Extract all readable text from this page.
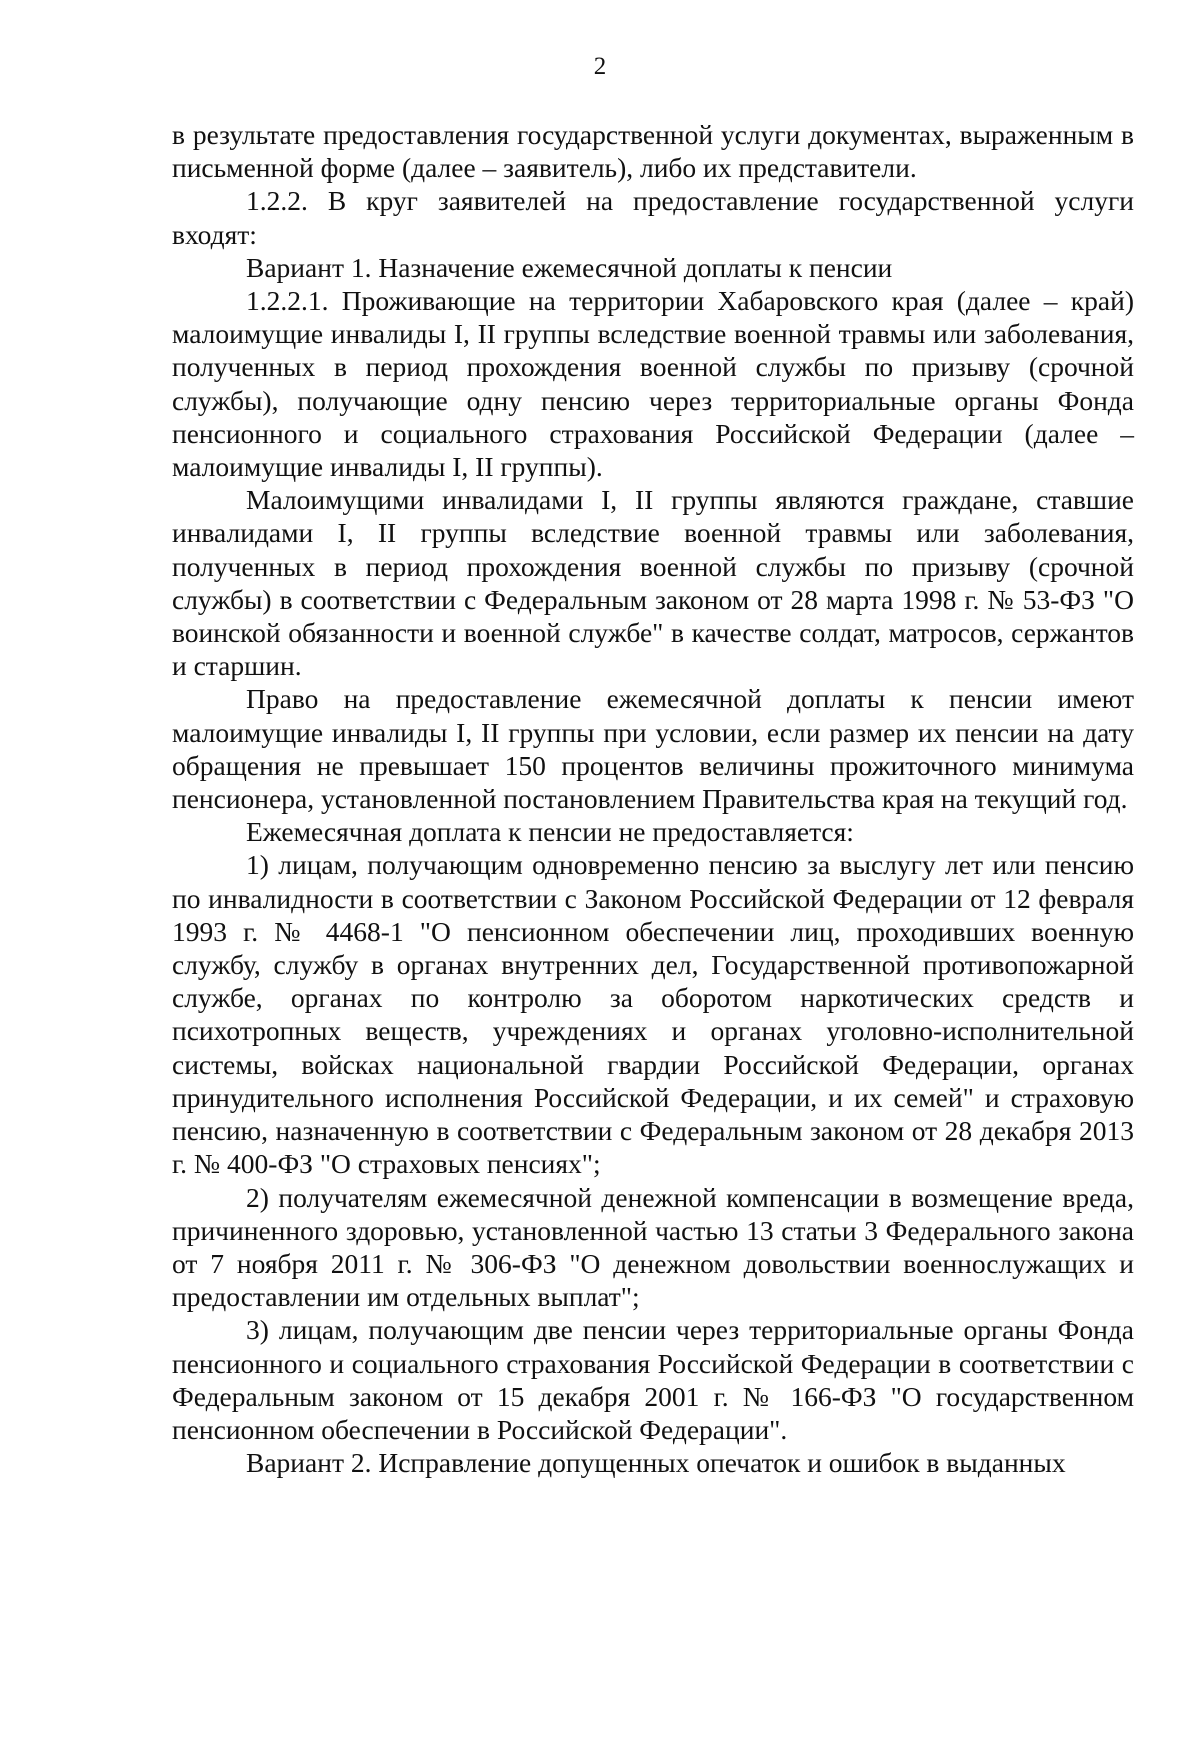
2

в результате предоставления государственной услуги документах, выраженным в письменной форме (далее – заявитель), либо их представители.

1.2.2. В круг заявителей на предоставление государственной услуги входят:

Вариант 1. Назначение ежемесячной доплаты к пенсии

1.2.2.1. Проживающие на территории Хабаровского края (далее – край) малоимущие инвалиды I, II группы вследствие военной травмы или заболевания, полученных в период прохождения военной службы по призыву (срочной службы), получающие одну пенсию через территориальные органы Фонда пенсионного и социального страхования Российской Федерации (далее – малоимущие инвалиды I, II группы).

Малоимущими инвалидами I, II группы являются граждане, ставшие инвалидами I, II группы вследствие военной травмы или заболевания, полученных в период прохождения военной службы по призыву (срочной службы) в соответствии с Федеральным законом от 28 марта 1998 г. № 53-ФЗ "О воинской обязанности и военной службе" в качестве солдат, матросов, сержантов и старшин.

Право на предоставление ежемесячной доплаты к пенсии имеют малоимущие инвалиды I, II группы при условии, если размер их пенсии на дату обращения не превышает 150 процентов величины прожиточного минимума пенсионера, установленной постановлением Правительства края на текущий год.

Ежемесячная доплата к пенсии не предоставляется:

1) лицам, получающим одновременно пенсию за выслугу лет или пенсию по инвалидности в соответствии с Законом Российской Федерации от 12 февраля 1993 г. № 4468-1 "О пенсионном обеспечении лиц, проходивших военную службу, службу в органах внутренних дел, Государственной противопожарной службе, органах по контролю за оборотом наркотических средств и психотропных веществ, учреждениях и органах уголовно-исполнительной системы, войсках национальной гвардии Российской Федерации, органах принудительного исполнения Российской Федерации, и их семей" и страховую пенсию, назначенную в соответствии с Федеральным законом от 28 декабря 2013 г. № 400-ФЗ "О страховых пенсиях";

2) получателям ежемесячной денежной компенсации в возмещение вреда, причиненного здоровью, установленной частью 13 статьи 3 Федерального закона от 7 ноября 2011 г. № 306-ФЗ "О денежном довольствии военнослужащих и предоставлении им отдельных выплат";

3) лицам, получающим две пенсии через территориальные органы Фонда пенсионного и социального страхования Российской Федерации в соответствии с Федеральным законом от 15 декабря 2001 г. № 166-ФЗ "О государственном пенсионном обеспечении в Российской Федерации".

Вариант 2. Исправление допущенных опечаток и ошибок в выданных
